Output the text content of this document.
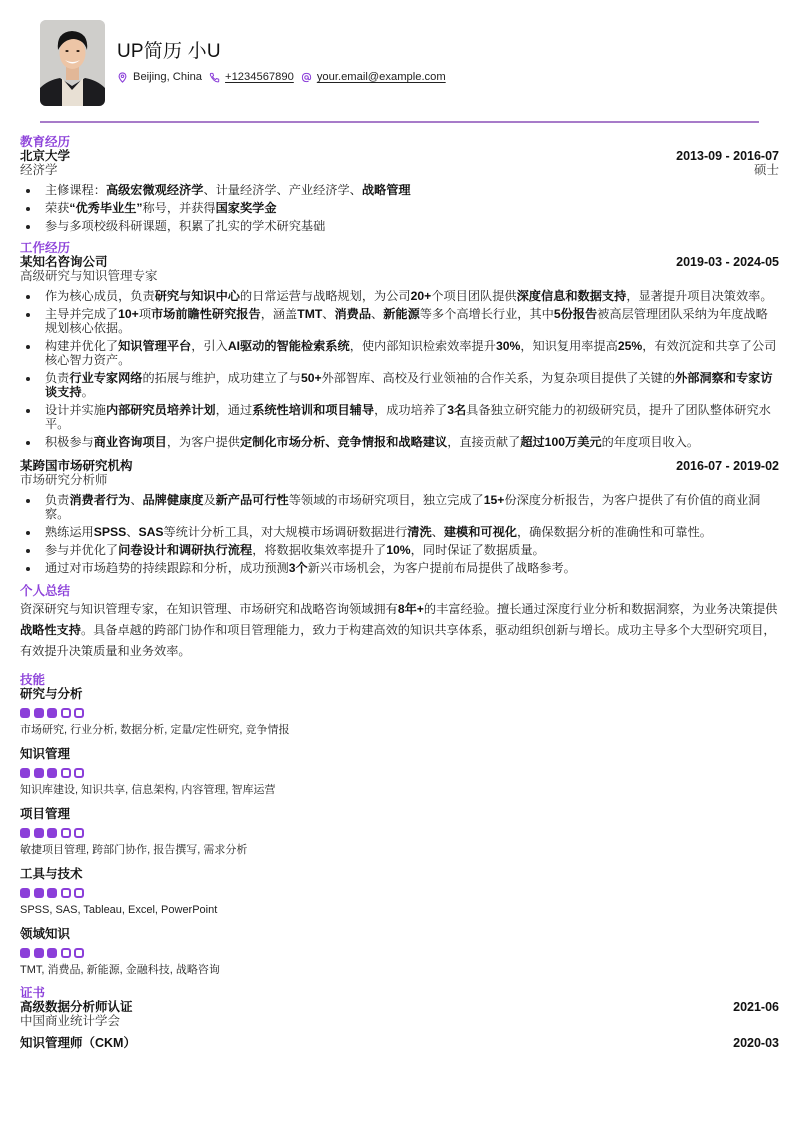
UP简历 小U
Beijing, China +1234567890 your.email@example.com
教育经历
北京大学	2013-09 - 2016-07
经济学	硕士
主修课程：高级宏微观经济学、计量经济学、产业经济学、战略管理
荣获“优秀毕业生”称号，并获得国家奖学金
参与多项校级科研课题，积累了扎实的学术研究基础
工作经历
某知名咨询公司	2019-03 - 2024-05
高级研究与知识管理专家
作为核心成员，负责研究与知识中心的日常运营与战略规划，为公司20+个项目团队提供深度信息和数据支持，显著提升项目决策效率。
主导并完成了10+项市场前瞻性研究报告，涵盖TMT、消费品、新能源等多个高增长行业，其中5份报告被高层管理团队采纳为年度战略规划核心依据。
构建并优化了知识管理平台，引入AI驱动的智能检索系统，使内部知识检索效率提升30%，知识复用率提高25%，有效沉淀和共享了公司核心智力资产。
负责行业专家网络的拓展与维护，成功建立了与50+外部智库、高校及行业领袖的合作关系，为复杂项目提供了关键的外部洞察和专家访谈支持。
设计并实施内部研究员培养计划，通过系统性培训和项目辅导，成功培养了3名具备独立研究能力的初级研究员，提升了团队整体研究水平。
积极参与商业咨询项目，为客户提供定制化市场分析、竞争情报和战略建议，直接贡献了超过100万美元的年度项目收入。
某跨国市场研究机构	2016-07 - 2019-02
市场研究分析师
负责消费者行为、品牌健康度及新产品可行性等领域的市场研究项目，独立完成了15+份深度分析报告，为客户提供了有价值的商业洞察。
熟练运用SPSS、SAS等统计分析工具，对大规模市场调研数据进行清洗、建模和可视化，确保数据分析的准确性和可靠性。
参与并优化了问卷设计和调研执行流程，将数据收集效率提升了10%，同时保证了数据质量。
通过对市场趋势的持续跟踪和分析，成功预测3个新兴市场机会，为客户提前布局提供了战略参考。
个人总结

资深研究与知识管理专家，在知识管理、市场研究和战略咨询领域拥有8年+的丰富经验。擅长通过深度行业分析和数据洞察，为业务决策提供战略性支持。具备卓越的跨部门协作和项目管理能力，致力于构建高效的知识共享体系，驱动组织创新与增长。成功主导多个大型研究项目，有效提升决策质量和业务效率。

技能
研究与分析
市场研究, 行业分析, 数据分析, 定量/定性研究, 竞争情报
知识管理
知识库建设, 知识共享, 信息架构, 内容管理, 智库运营
项目管理
敏捷项目管理, 跨部门协作, 报告撰写, 需求分析
工具与技术
SPSS, SAS, Tableau, Excel, PowerPoint
领域知识
TMT, 消费品, 新能源, 金融科技, 战略咨询
证书
高级数据分析师认证	2021-06
中国商业统计学会
知识管理师（CKM）	2020-03
